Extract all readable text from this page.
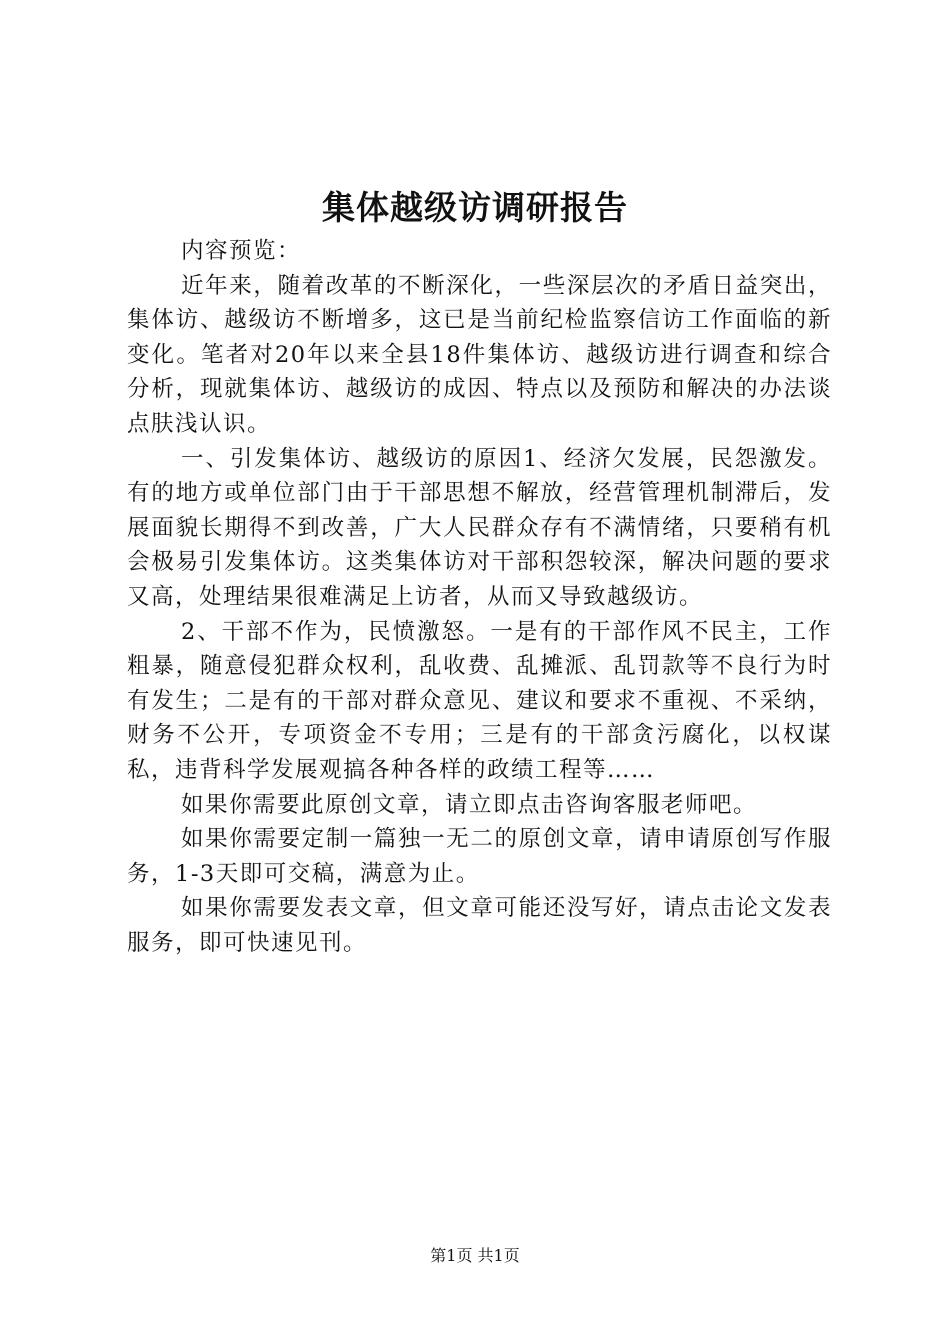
集体越级访调研报告

内容预览：

近年来，随着改革的不断深化，一些深层次的矛盾日益突出，集体访、越级访不断增多，这已是当前纪检监察信访工作面临的新变化。笔者对20年以来全县18件集体访、越级访进行调查和综合分析，现就集体访、越级访的成因、特点以及预防和解决的办法谈点肤浅认识。

一、引发集体访、越级访的原因1、经济欠发展，民怨激发。有的地方或单位部门由于干部思想不解放，经营管理机制滞后，发展面貌长期得不到改善，广大人民群众存有不满情绪，只要稍有机会极易引发集体访。这类集体访对干部积怨较深，解决问题的要求又高，处理结果很难满足上访者，从而又导致越级访。

2、干部不作为，民愤激怒。一是有的干部作风不民主，工作粗暴，随意侵犯群众权利，乱收费、乱摊派、乱罚款等不良行为时有发生；二是有的干部对群众意见、建议和要求不重视、不采纳，财务不公开，专项资金不专用；三是有的干部贪污腐化，以权谋私，违背科学发展观搞各种各样的政绩工程等……

如果你需要此原创文章，请立即点击咨询客服老师吧。

如果你需要定制一篇独一无二的原创文章，请申请原创写作服务，1-3天即可交稿，满意为止。

如果你需要发表文章，但文章可能还没写好，请点击论文发表服务，即可快速见刊。

第1页 共1页
